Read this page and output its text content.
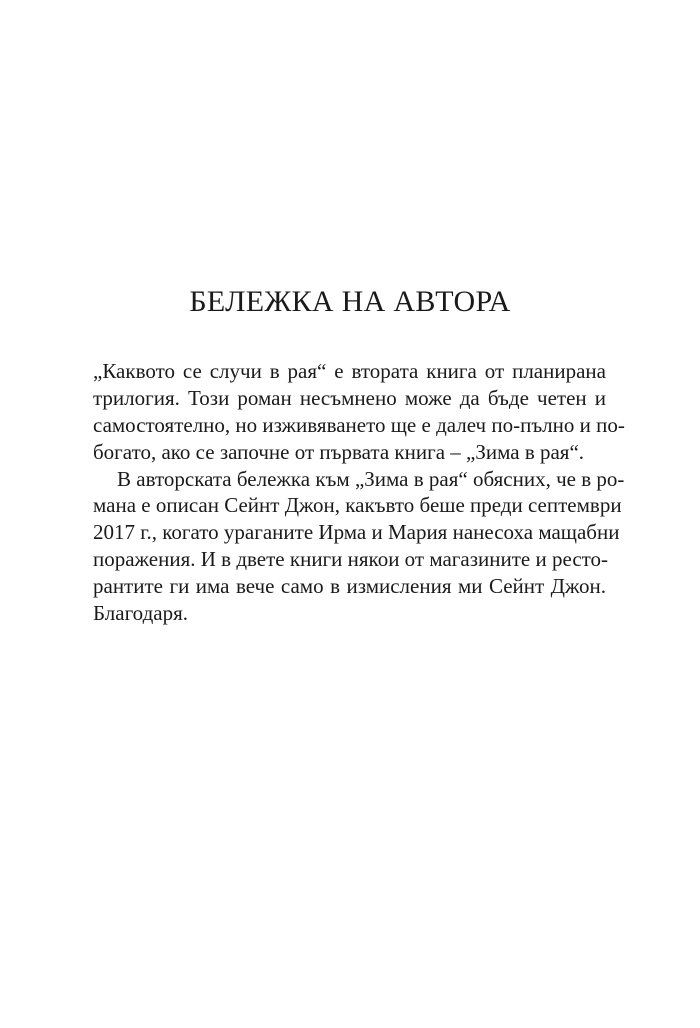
БЕЛЕЖКА НА АВТОРА
„Каквото се случи в рая“ е втората книга от планирана
трилогия. Този роман несъмнено може да бъде четен и
самостоятелно, но изживяването ще е далеч по-пълно и по-
богато, ако се започне от първата книга – „Зима в рая“.
В авторската бележка към „Зима в рая“ обясних, че в ро-
мана е описан Сейнт Джон, какъвто беше преди септември
2017 г., когато ураганите Ирма и Мария нанесоха мащабни
поражения. И в двете книги някои от магазините и ресто-
рантите ги има вече само в измисления ми Сейнт Джон.
Благодаря.
